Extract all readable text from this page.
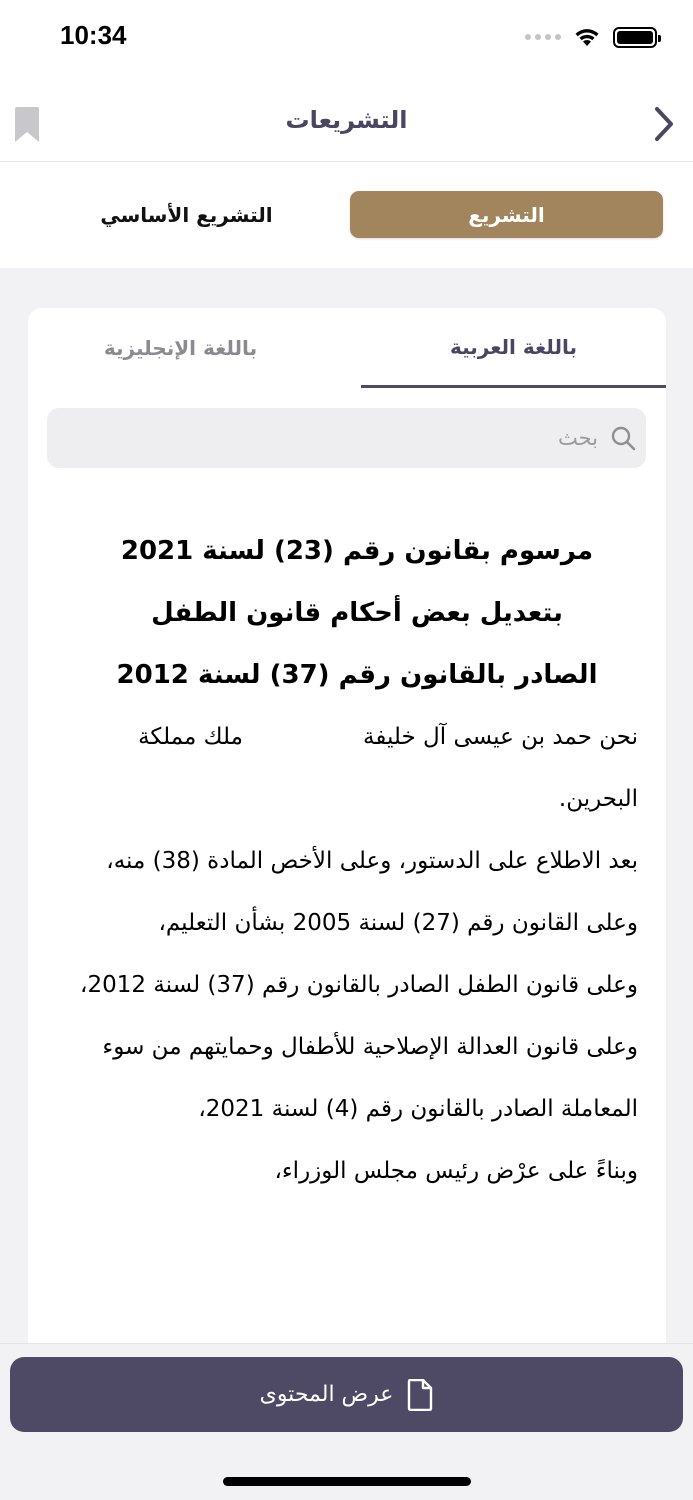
10:34
التشريعات
التشريع الأساسي	التشريع
باللغة الإنجليزية	باللغة العربية
بحث
مرسوم بقانون رقم (23) لسنة 2021
بتعديل بعض أحكام قانون الطفل
الصادر بالقانون رقم (37) لسنة 2012

نحن حمد بن عيسى آل خليفةملك مملكة البحرين.

بعد الاطلاع على الدستور، وعلى الأخص المادة (38) منه،

وعلى القانون رقم (27) لسنة 2005 بشأن التعليم،

وعلى قانون الطفل الصادر بالقانون رقم (37) لسنة 2012،

وعلى قانون العدالة الإصلاحية للأطفال وحمايتهم من سوء المعاملة الصادر بالقانون رقم (4) لسنة 2021،

وبناءً على عرْض رئيس مجلس الوزراء،

عرض المحتوى
